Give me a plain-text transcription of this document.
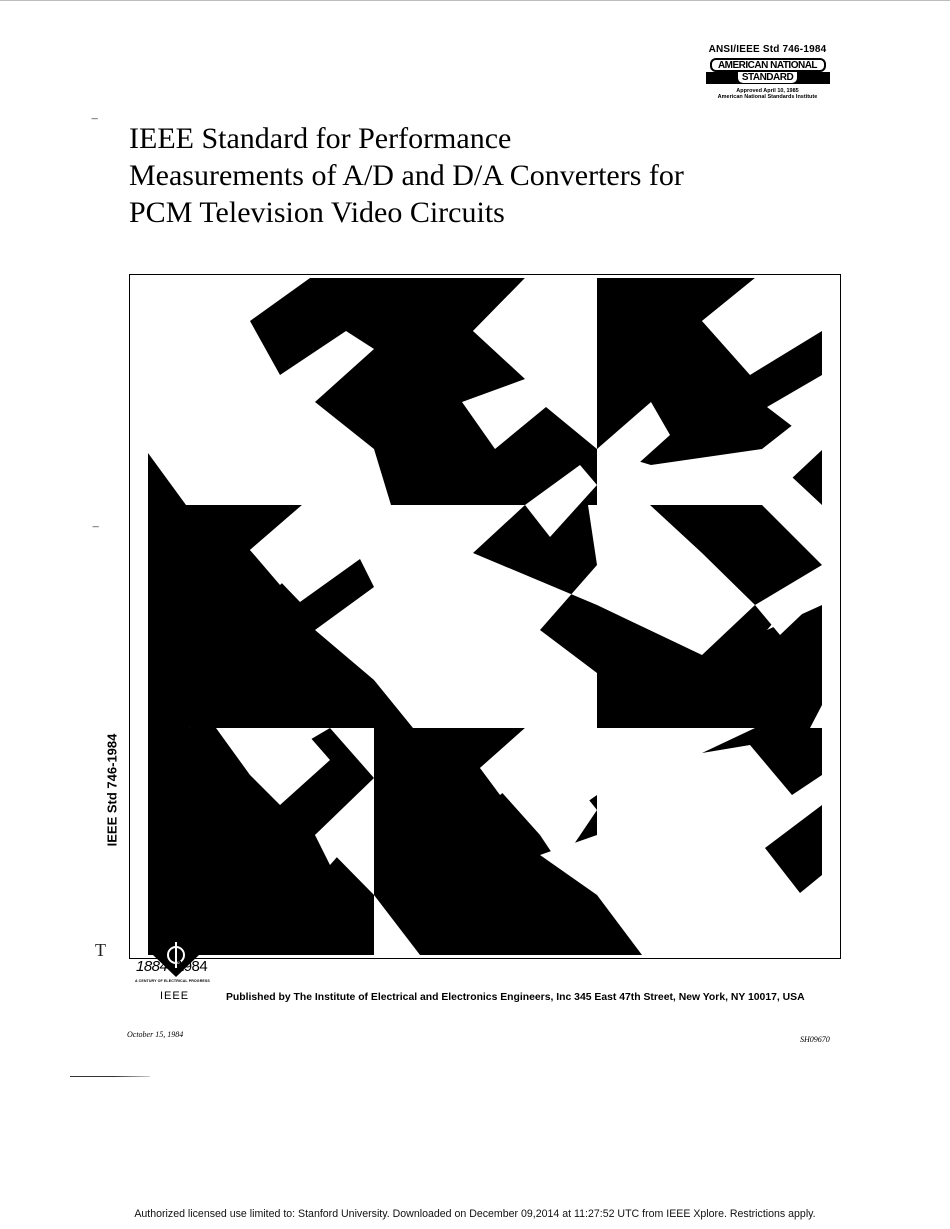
ANSI/IEEE Std 746-1984
AMERICAN NATIONAL
STANDARD
Approved April 10, 1985
American National Standards Institute
‾
‾
T
IEEE Standard for Performance
Measurements of A/D and D/A Converters for
PCM Television Video Circuits
IEEE Std 746-1984
1884 · 1984
A CENTURY OF ELECTRICAL PROGRESS
IEEE	Published by The Institute of Electrical and Electronics Engineers, Inc 345 East 47th Street, New York, NY 10017, USA
October 15, 1984
SH09670
Authorized licensed use limited to: Stanford University. Downloaded on December 09,2014 at 11:27:52 UTC from IEEE Xplore. Restrictions apply.
